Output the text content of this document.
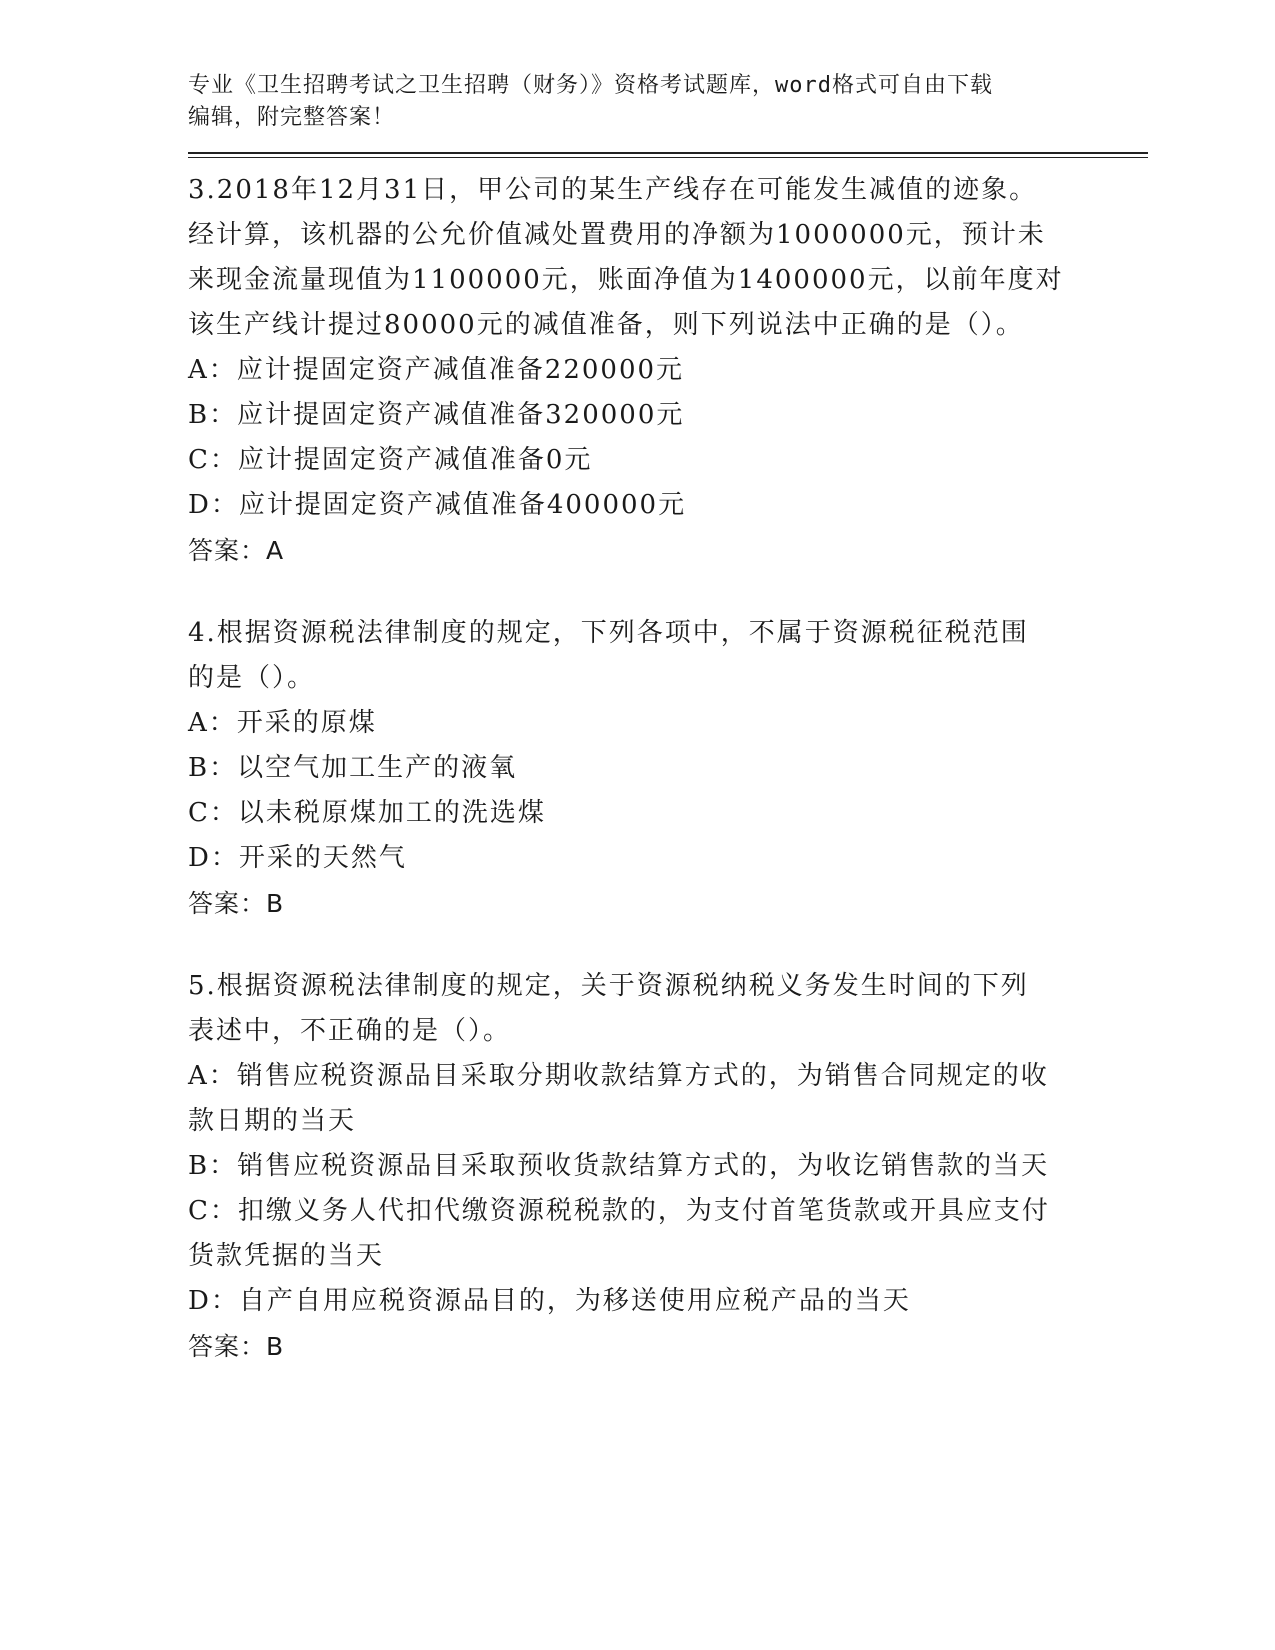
专业《卫生招聘考试之卫生招聘（财务）》资格考试题库，word格式可自由下载
编辑，附完整答案！
3.2018年12月31日，甲公司的某生产线存在可能发生减值的迹象。
经计算，该机器的公允价值减处置费用的净额为1000000元，预计未
来现金流量现值为1100000元，账面净值为1400000元，以前年度对
该生产线计提过80000元的减值准备，则下列说法中正确的是（）。
A：应计提固定资产减值准备220000元
B：应计提固定资产减值准备320000元
C：应计提固定资产减值准备0元
D：应计提固定资产减值准备400000元
答案：A
4.根据资源税法律制度的规定，下列各项中，不属于资源税征税范围
的是（）。
A：开采的原煤
B：以空气加工生产的液氧
C：以未税原煤加工的洗选煤
D：开采的天然气
答案：B
5.根据资源税法律制度的规定，关于资源税纳税义务发生时间的下列
表述中，不正确的是（）。
A：销售应税资源品目采取分期收款结算方式的，为销售合同规定的收
款日期的当天
B：销售应税资源品目采取预收货款结算方式的，为收讫销售款的当天
C：扣缴义务人代扣代缴资源税税款的，为支付首笔货款或开具应支付
货款凭据的当天
D：自产自用应税资源品目的，为移送使用应税产品的当天
答案：B
